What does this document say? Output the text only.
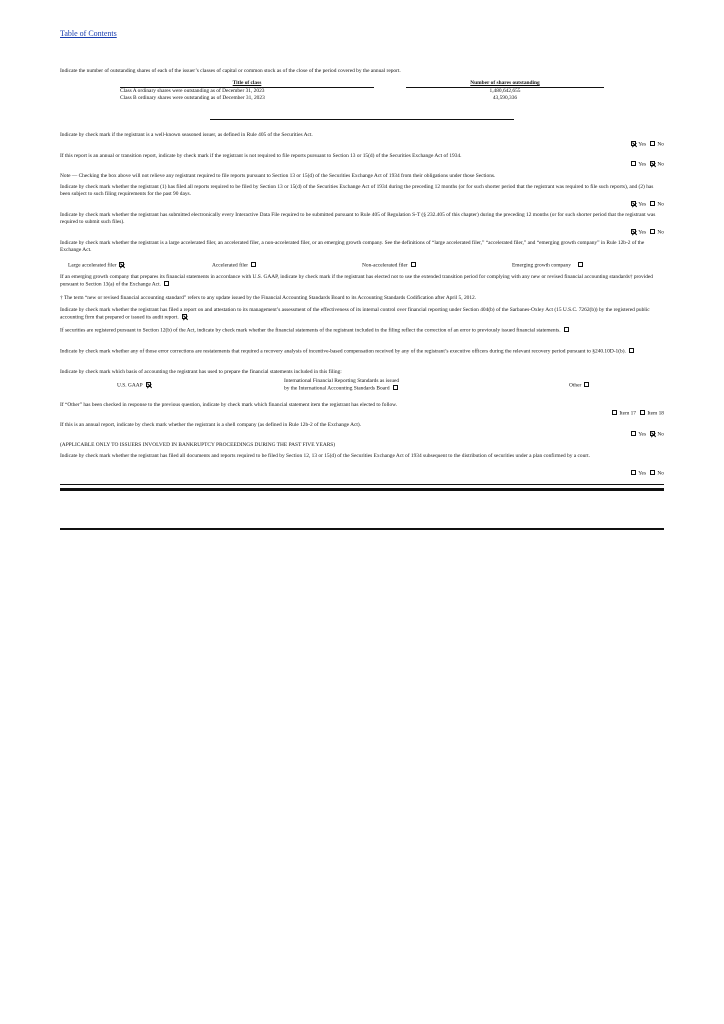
Table of Contents
Indicate the number of outstanding shares of each of the issuer’s classes of capital or common stock as of the close of the period covered by the annual report.
Title of class	Number of shares outstanding
Class A ordinary shares were outstanding as of December 31, 2023	1,480,642,655
Class B ordinary shares were outstanding as of December 31, 2023	43,590,336
Indicate by check mark if the registrant is a well-known seasoned issuer, as defined in Rule 405 of the Securities Act.
Yes No
If this report is an annual or transition report, indicate by check mark if the registrant is not required to file reports pursuant to Section 13 or 15(d) of the Securities Exchange Act of 1934.
Yes No
Note — Checking the box above will not relieve any registrant required to file reports pursuant to Section 13 or 15(d) of the Securities Exchange Act of 1934 from their obligations under those Sections.
Indicate by check mark whether the registrant (1) has filed all reports required to be filed by Section 13 or 15(d) of the Securities Exchange Act of 1934 during the preceding 12 months (or for such shorter period that the registrant was required to file such reports), and (2) has been subject to such filing requirements for the past 90 days.
Yes No
Indicate by check mark whether the registrant has submitted electronically every Interactive Data File required to be submitted pursuant to Rule 405 of Regulation S-T (§ 232.405 of this chapter) during the preceding 12 months (or for such shorter period that the registrant was required to submit such files).
Yes No
Indicate by check mark whether the registrant is a large accelerated filer, an accelerated filer, a non-accelerated filer, or an emerging growth company. See the definitions of “large accelerated filer,” “accelerated filer,” and “emerging growth company” in Rule 12b-2 of the Exchange Act.
Large accelerated filer	Accelerated filer	Non-accelerated filer	Emerging growth company
If an emerging growth company that prepares its financial statements in accordance with U.S. GAAP, indicate by check mark if the registrant has elected not to use the extended transition period for complying with any new or revised financial accounting standards† provided pursuant to Section 13(a) of the Exchange Act.
† The term “new or revised financial accounting standard” refers to any update issued by the Financial Accounting Standards Board to its Accounting Standards Codification after April 5, 2012.
Indicate by check mark whether the registrant has filed a report on and attestation to its management’s assessment of the effectiveness of its internal control over financial reporting under Section 404(b) of the Sarbanes-Oxley Act (15 U.S.C. 7262(b)) by the registered public accounting firm that prepared or issued its audit report.
If securities are registered pursuant to Section 12(b) of the Act, indicate by check mark whether the financial statements of the registrant included in the filing reflect the correction of an error to previously issued financial statements.
Indicate by check mark whether any of those error corrections are restatements that required a recovery analysis of incentive-based compensation received by any of the registrant’s executive officers during the relevant recovery period pursuant to §240.10D-1(b).
Indicate by check mark which basis of accounting the registrant has used to prepare the financial statements included in this filing:
U.S. GAAP
International Financial Reporting Standards as issued
by the International Accounting Standards Board	Other
If “Other” has been checked in response to the previous question, indicate by check mark which financial statement item the registrant has elected to follow.
Item 17 Item 18
If this is an annual report, indicate by check mark whether the registrant is a shell company (as defined in Rule 12b-2 of the Exchange Act).
Yes No
(APPLICABLE ONLY TO ISSUERS INVOLVED IN BANKRUPTCY PROCEEDINGS DURING THE PAST FIVE YEARS)
Indicate by check mark whether the registrant has filed all documents and reports required to be filed by Section 12, 13 or 15(d) of the Securities Exchange Act of 1934 subsequent to the distribution of securities under a plan confirmed by a court.
Yes No
